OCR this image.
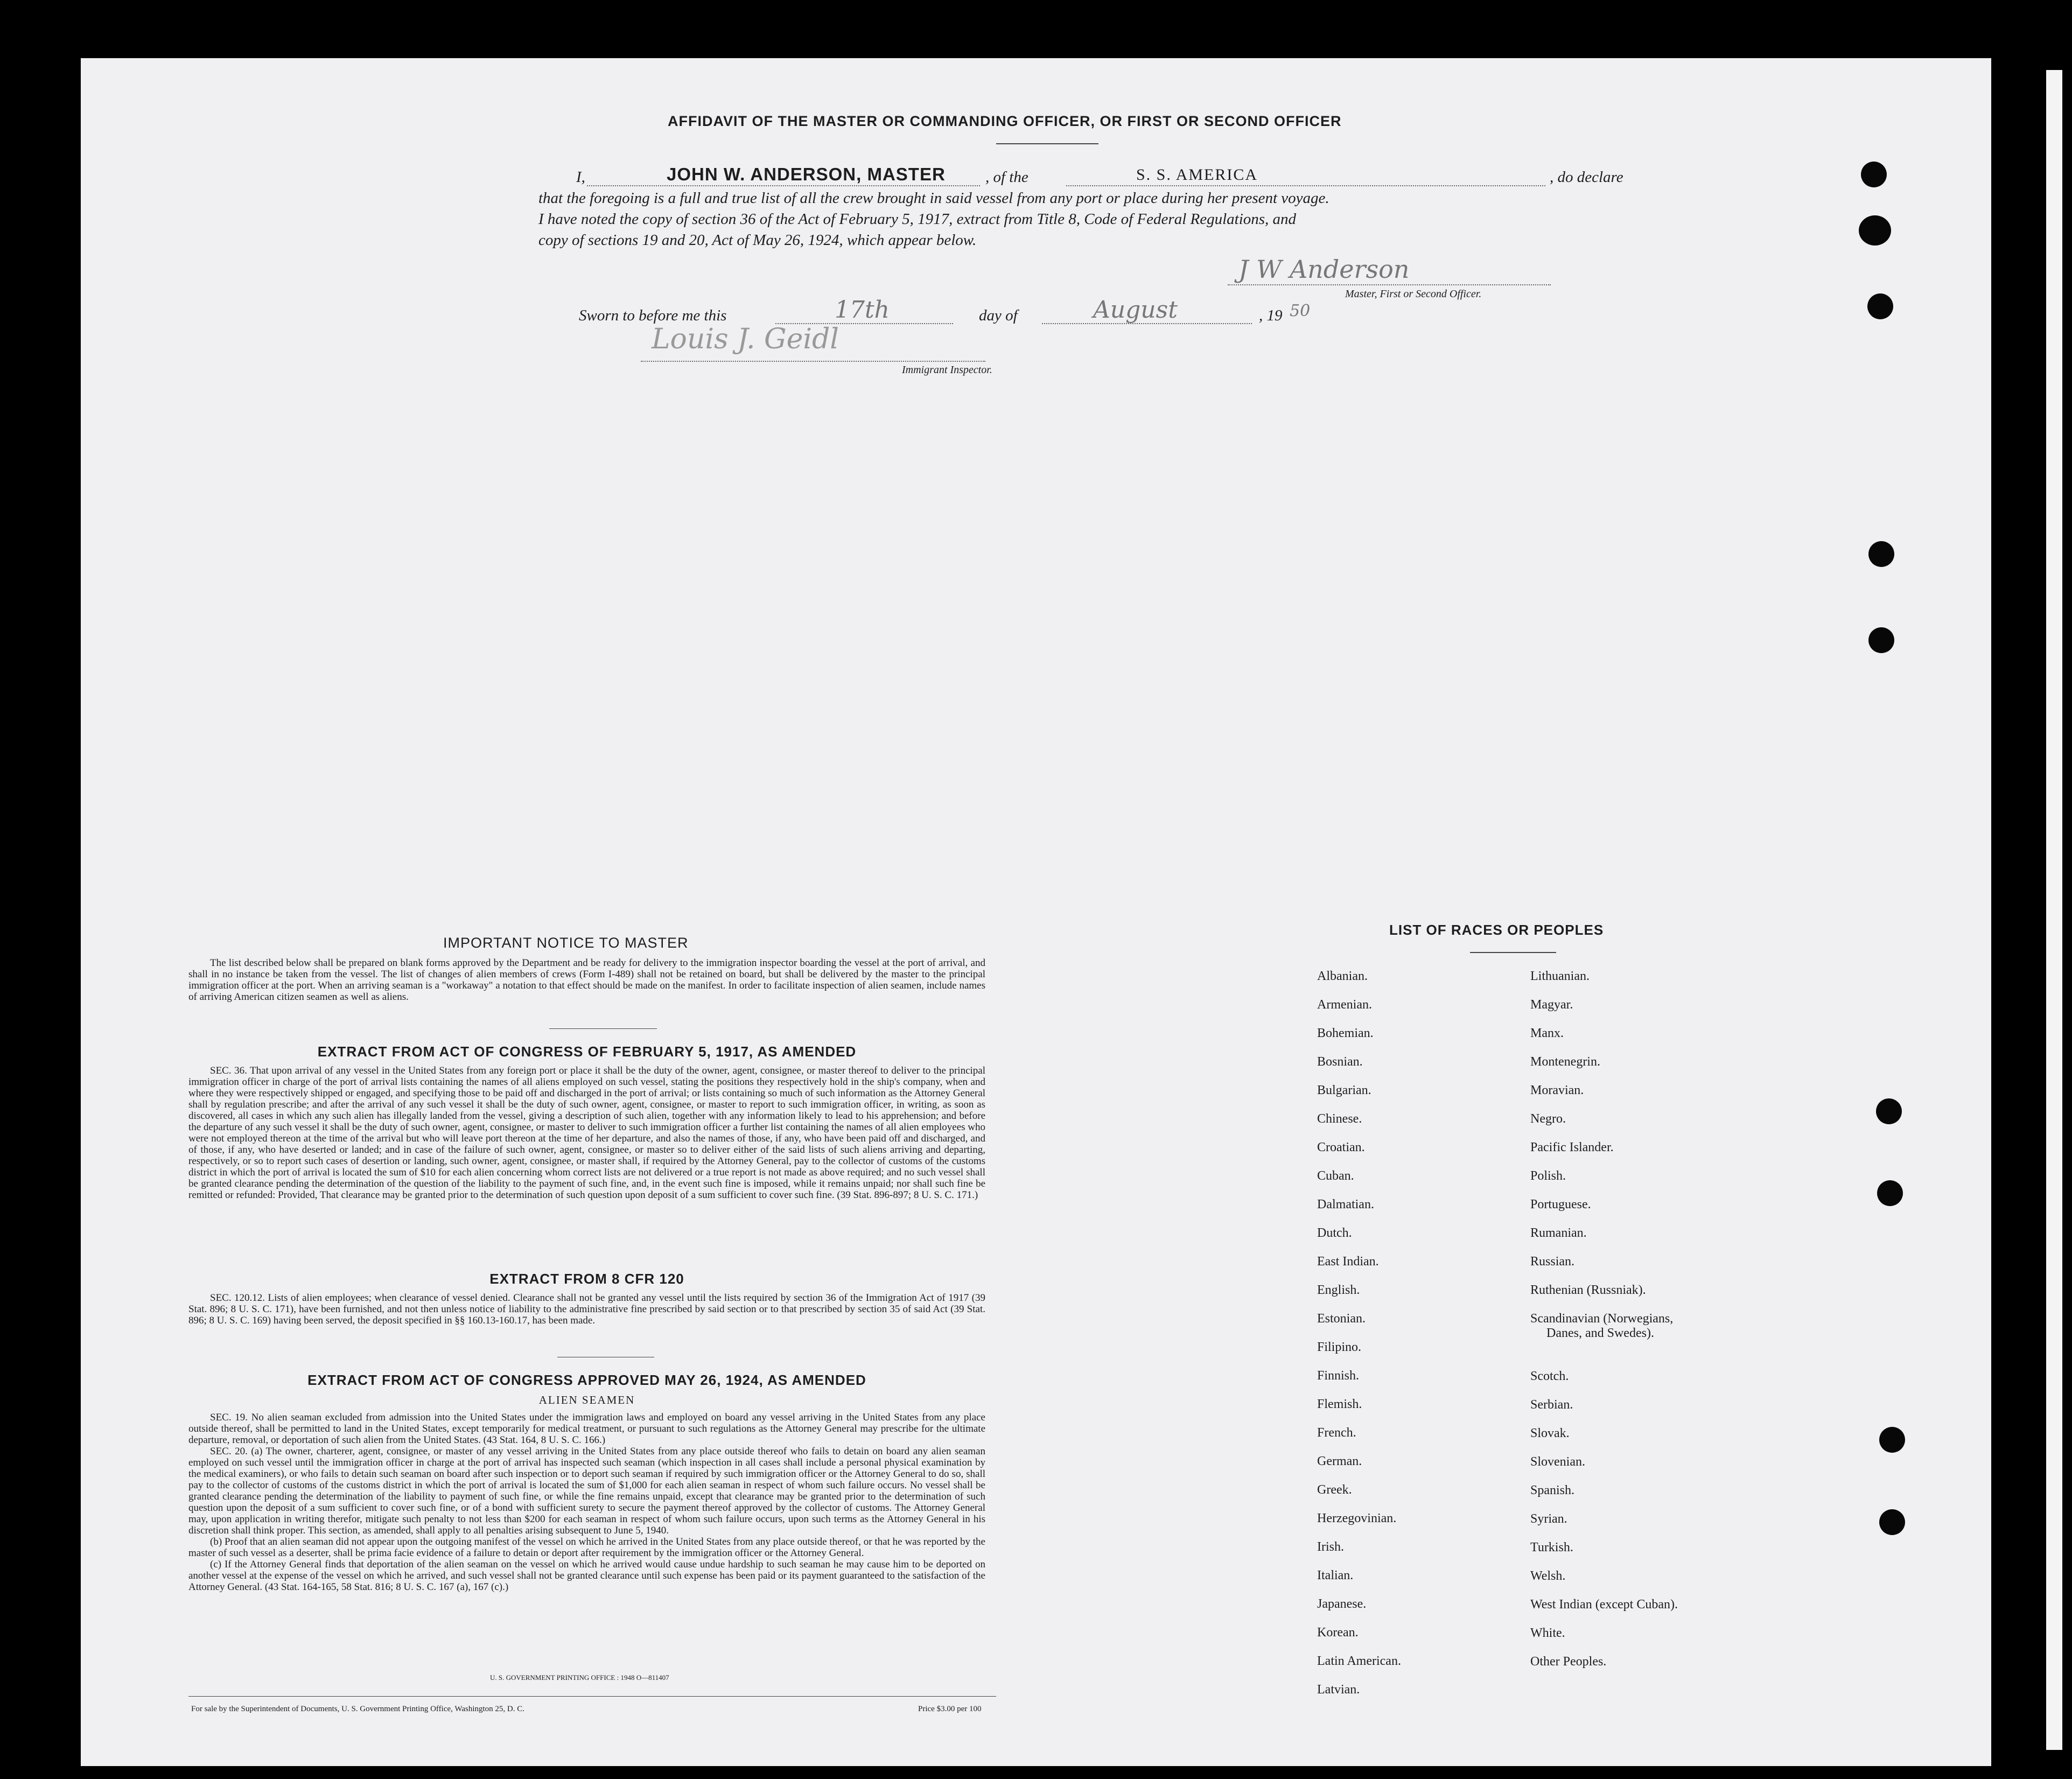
AFFIDAVIT OF THE MASTER OR COMMANDING OFFICER, OR FIRST OR SECOND OFFICER
I,	JOHN W. ANDERSON, MASTER	, of the	S. S. AMERICA	, do declare
that the foregoing is a full and true list of all the crew brought in said vessel from any port or place during her present voyage.
I have noted the copy of section 36 of the Act of February 5, 1917, extract from Title 8, Code of Federal Regulations, and
copy of sections 19 and 20, Act of May 26, 1924, which appear below.
J W Anderson
Master, First or Second Officer.
Sworn to before me this	17th	day of	August	, 19 50
Louis J. Geidl
Immigrant Inspector.
IMPORTANT NOTICE TO MASTER

The list described below shall be prepared on blank forms approved by the Department and be ready for delivery to the immigration inspector boarding the vessel at the port of arrival, and shall in no instance be taken from the vessel. The list of changes of alien members of crews (Form I-489) shall not be retained on board, but shall be delivered by the master to the principal immigration officer at the port. When an arriving seaman is a "workaway" a notation to that effect should be made on the manifest. In order to facilitate inspection of alien seamen, include names of arriving American citizen seamen as well as aliens.

EXTRACT FROM ACT OF CONGRESS OF FEBRUARY 5, 1917, AS AMENDED

SEC. 36. That upon arrival of any vessel in the United States from any foreign port or place it shall be the duty of the owner, agent, consignee, or master thereof to deliver to the principal immigration officer in charge of the port of arrival lists containing the names of all aliens employed on such vessel, stating the positions they respectively hold in the ship's company, when and where they were respectively shipped or engaged, and specifying those to be paid off and discharged in the port of arrival; or lists containing so much of such information as the Attorney General shall by regulation prescribe; and after the arrival of any such vessel it shall be the duty of such owner, agent, consignee, or master to report to such immigration officer, in writing, as soon as discovered, all cases in which any such alien has illegally landed from the vessel, giving a description of such alien, together with any information likely to lead to his apprehension; and before the departure of any such vessel it shall be the duty of such owner, agent, consignee, or master to deliver to such immigration officer a further list containing the names of all alien employees who were not employed thereon at the time of the arrival but who will leave port thereon at the time of her departure, and also the names of those, if any, who have been paid off and discharged, and of those, if any, who have deserted or landed; and in case of the failure of such owner, agent, consignee, or master so to deliver either of the said lists of such aliens arriving and departing, respectively, or so to report such cases of desertion or landing, such owner, agent, consignee, or master shall, if required by the Attorney General, pay to the collector of customs of the customs district in which the port of arrival is located the sum of $10 for each alien concerning whom correct lists are not delivered or a true report is not made as above required; and no such vessel shall be granted clearance pending the determination of the question of the liability to the payment of such fine, and, in the event such fine is imposed, while it remains unpaid; nor shall such fine be remitted or refunded: Provided, That clearance may be granted prior to the determination of such question upon deposit of a sum sufficient to cover such fine. (39 Stat. 896-897; 8 U. S. C. 171.)

EXTRACT FROM 8 CFR 120

SEC. 120.12. Lists of alien employees; when clearance of vessel denied. Clearance shall not be granted any vessel until the lists required by section 36 of the Immigration Act of 1917 (39 Stat. 896; 8 U. S. C. 171), have been furnished, and not then unless notice of liability to the administrative fine prescribed by said section or to that prescribed by section 35 of said Act (39 Stat. 896; 8 U. S. C. 169) having been served, the deposit specified in §§ 160.13-160.17, has been made.

EXTRACT FROM ACT OF CONGRESS APPROVED MAY 26, 1924, AS AMENDED
ALIEN SEAMEN

SEC. 19. No alien seaman excluded from admission into the United States under the immigration laws and employed on board any vessel arriving in the United States from any place outside thereof, shall be permitted to land in the United States, except temporarily for medical treatment, or pursuant to such regulations as the Attorney General may prescribe for the ultimate departure, removal, or deportation of such alien from the United States. (43 Stat. 164, 8 U. S. C. 166.)

SEC. 20. (a) The owner, charterer, agent, consignee, or master of any vessel arriving in the United States from any place outside thereof who fails to detain on board any alien seaman employed on such vessel until the immigration officer in charge at the port of arrival has inspected such seaman (which inspection in all cases shall include a personal physical examination by the medical examiners), or who fails to detain such seaman on board after such inspection or to deport such seaman if required by such immigration officer or the Attorney General to do so, shall pay to the collector of customs of the customs district in which the port of arrival is located the sum of $1,000 for each alien seaman in respect of whom such failure occurs. No vessel shall be granted clearance pending the determination of the liability to payment of such fine, or while the fine remains unpaid, except that clearance may be granted prior to the determination of such question upon the deposit of a sum sufficient to cover such fine, or of a bond with sufficient surety to secure the payment thereof approved by the collector of customs. The Attorney General may, upon application in writing therefor, mitigate such penalty to not less than $200 for each seaman in respect of whom such failure occurs, upon such terms as the Attorney General in his discretion shall think proper. This section, as amended, shall apply to all penalties arising subsequent to June 5, 1940.

(b) Proof that an alien seaman did not appear upon the outgoing manifest of the vessel on which he arrived in the United States from any place outside thereof, or that he was reported by the master of such vessel as a deserter, shall be prima facie evidence of a failure to detain or deport after requirement by the immigration officer or the Attorney General.

(c) If the Attorney General finds that deportation of the alien seaman on the vessel on which he arrived would cause undue hardship to such seaman he may cause him to be deported on another vessel at the expense of the vessel on which he arrived, and such vessel shall not be granted clearance until such expense has been paid or its payment guaranteed to the satisfaction of the Attorney General. (43 Stat. 164-165, 58 Stat. 816; 8 U. S. C. 167 (a), 167 (c).)

U. S. GOVERNMENT PRINTING OFFICE : 1948 O—811407
For sale by the Superintendent of Documents, U. S. Government Printing Office, Washington 25, D. C.	Price $3.00 per 100
LIST OF RACES OR PEOPLES
Albanian.
Armenian.
Bohemian.
Bosnian.
Bulgarian.
Chinese.
Croatian.
Cuban.
Dalmatian.
Dutch.
East Indian.
English.
Estonian.
Filipino.
Finnish.
Flemish.
French.
German.
Greek.
Herzegovinian.
Irish.
Italian.
Japanese.
Korean.
Latin American.
Latvian.
Lithuanian.
Magyar.
Manx.
Montenegrin.
Moravian.
Negro.
Pacific Islander.
Polish.
Portuguese.
Rumanian.
Russian.
Ruthenian (Russniak).
Scandinavian (Norwegians,
Danes, and Swedes).
Scotch.
Serbian.
Slovak.
Slovenian.
Spanish.
Syrian.
Turkish.
Welsh.
West Indian (except Cuban).
White.
Other Peoples.
